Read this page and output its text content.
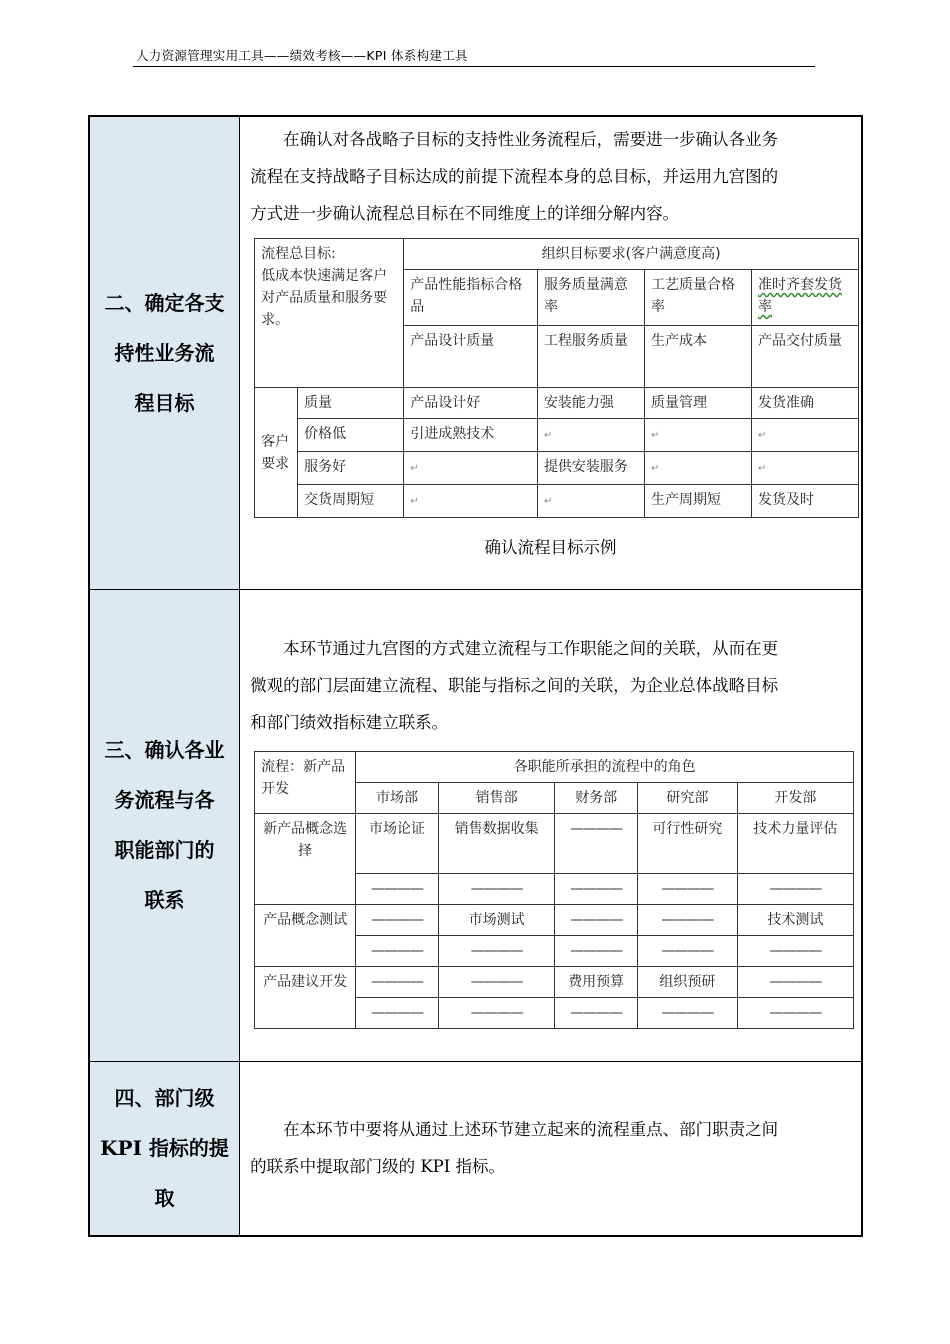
人力资源管理实用工具——绩效考核——KPI 体系构建工具
二、确定各支
持性业务流
程目标

在确认对各战略子目标的支持性业务流程后，需要进一步确认各业务
流程在支持战略子目标达成的前提下流程本身的总目标，并运用九宫图的
方式进一步确认流程总目标在不同维度上的详细分解内容。

流程总目标:
低成本快速满足客户对产品质量和服务要求。
	组织目标要求(客户满意度高)
产品性能指标合格品	服务质量满意率	工艺质量合格率	准时齐套发货率
产品设计质量	工程服务质量	生产成本	产品交付质量
客户要求	质量	产品设计好	安装能力强	质量管理	发货准确
价格低	引进成熟技术	↵	↵	↵
服务好	↵	提供安装服务	↵	↵
交货周期短	↵	↵	生产周期短	发货及时
确认流程目标示例

三、确认各业
务流程与各
职能部门的
联系

本环节通过九宫图的方式建立流程与工作职能之间的关联，从而在更
微观的部门层面建立流程、职能与指标之间的关联，为企业总体战略目标
和部门绩效指标建立联系。

流程：新产品开发	各职能所承担的流程中的角色
市场部	销售部	财务部	研究部	开发部
新产品概念选择	市场论证	销售数据收集	————	可行性研究	技术力量评估
————	————	————	————	————
产品概念测试	————	市场测试	————	————	技术测试
————	————	————	————	————
产品建议开发	————	————	费用预算	组织预研	————
————	————	————	————	————

四、部门级
KPI 指标的提
取

在本环节中要将从通过上述环节建立起来的流程重点、部门职责之间
的联系中提取部门级的 KPI 指标。
